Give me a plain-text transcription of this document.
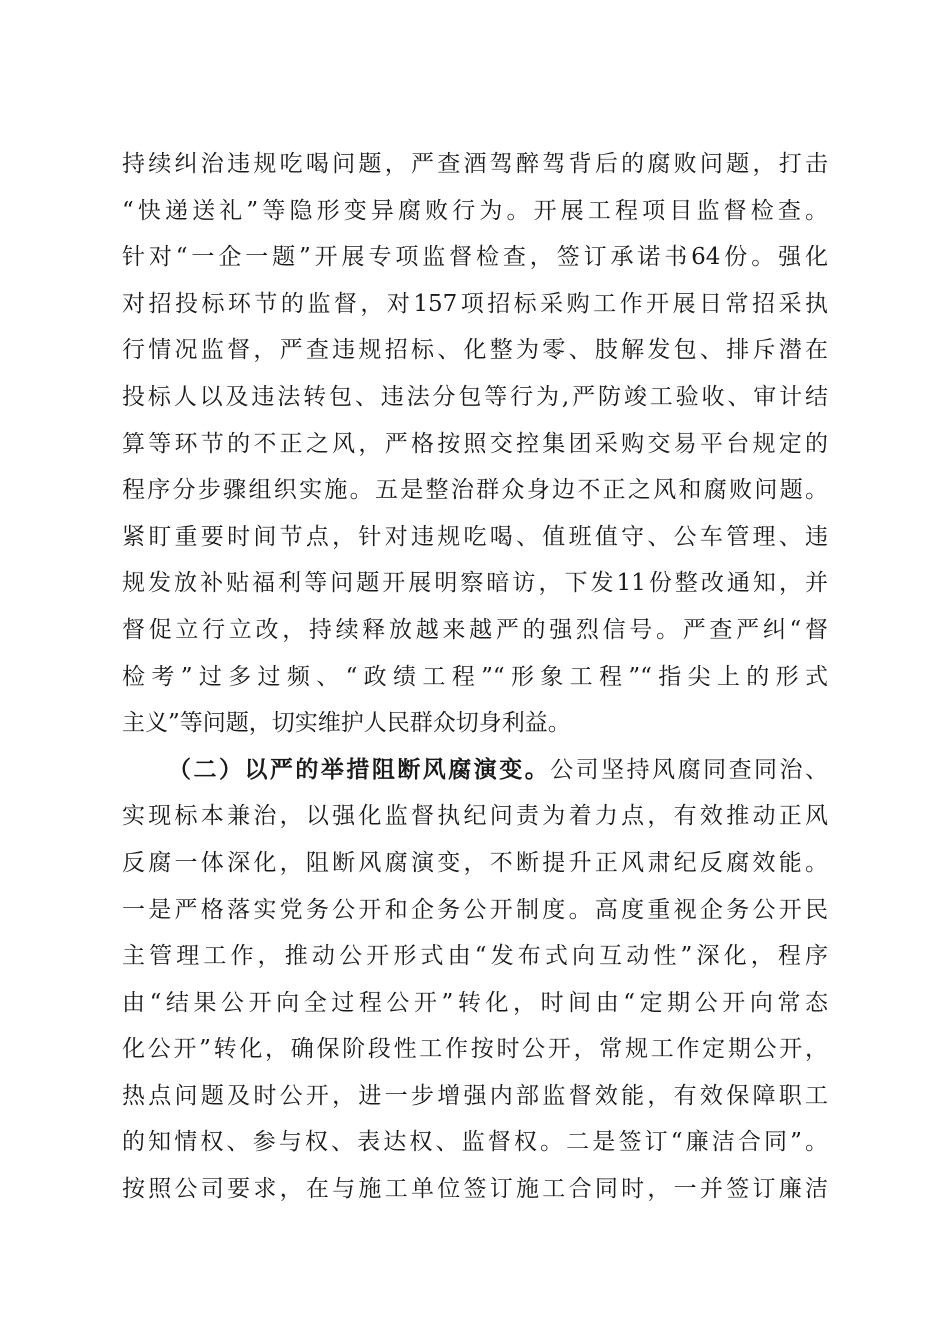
持续纠治违规吃喝问题，严查酒驾醉驾背后的腐败问题，打击
“快递送礼”等隐形变异腐败行为。开展工程项目监督检查。
针对“一企一题”开展专项监督检查，签订承诺书64份。强化
对招投标环节的监督，对157项招标采购工作开展日常招采执
行情况监督，严查违规招标、化整为零、肢解发包、排斥潜在
投标人以及违法转包、违法分包等行为,严防竣工验收、审计结
算等环节的不正之风，严格按照交控集团采购交易平台规定的
程序分步骤组织实施。五是整治群众身边不正之风和腐败问题。
紧盯重要时间节点，针对违规吃喝、值班值守、公车管理、违
规发放补贴福利等问题开展明察暗访，下发11份整改通知，并
督促立行立改，持续释放越来越严的强烈信号。严查严纠“督
检考”过多过频、“政绩工程”“形象工程”“指尖上的形式
主义”等问题，切实维护人民群众切身利益。
（二）以严的举措阻断风腐演变。公司坚持风腐同查同治、
实现标本兼治，以强化监督执纪问责为着力点，有效推动正风
反腐一体深化，阻断风腐演变，不断提升正风肃纪反腐效能。
一是严格落实党务公开和企务公开制度。高度重视企务公开民
主管理工作，推动公开形式由“发布式向互动性”深化，程序
由“结果公开向全过程公开”转化，时间由“定期公开向常态
化公开”转化，确保阶段性工作按时公开，常规工作定期公开，
热点问题及时公开，进一步增强内部监督效能，有效保障职工
的知情权、参与权、表达权、监督权。二是签订“廉洁合同”。
按照公司要求，在与施工单位签订施工合同时，一并签订廉洁
